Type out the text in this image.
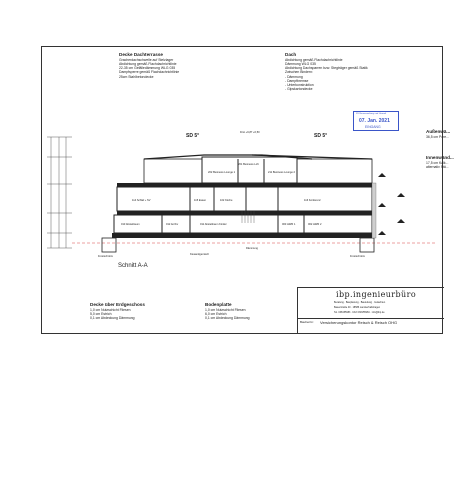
Decke Dachterrasse
Gracherdachschwelle auf Stelzlager
Abdichtung gemäß Flachdachrichtlinie
22-35 cm Gefälledämmung WLG 035
Dampfsperre gemäß Flachdachrichtlinie
25cm Stahlbetondecke
Dach
Abdichtung gemäß Flachdachrichtlinie
Dämmung WLG 035
Abdichtung Dachsparren bzw. Stegträger gemäß Statik
Zwischen Bindern:
- Dämmung
- Dampfbremse
- Unterkonstruktion
- Gipskartondecke
Außenwä...
36,5 cm Pore...
Innenwänd...
17,5 cm Kalk...
alternativ Stä...
Decke über Erdgeschoss
1,0 cm Nutzschicht Fliesen
5,0 cm Estrich
0,1 cm Abdeckung Dämmung
Bodenplatte
1,0 cm Nutzschicht Fliesen
6,0 cm Estrich
0,1 cm Abdeckung Dämmung
ZU Bauverwaltung und Umwelt
07. Jan. 2021
EINGANG
SD 5°	SD 5°
First +9,87 +6,50
201 Business Loft
202 Business Lounge 1	211 Business Lounge 2
114 Schlaf + SV	115 Essen	102 Küche	116 Konferenz
013 Abstellraum	012 Archiv	011 Abstellraum Kinder	003 HWR 1	002 HWR 2
Frostschürze	Frostschürze
Kiesandgemisch
Dämmung
Schnitt A-A
ibp.ingenieurbüro
Beratung · Bauplanung · Bauleitung · Gutachten
Bauerstraße 40 · 18586 Lanckerhaltshagen
Tel. 038155983 · FAX 038155984 · info@ibp.de
Bauherrin: Versicherungskontor Reisch & Reisch OHG
